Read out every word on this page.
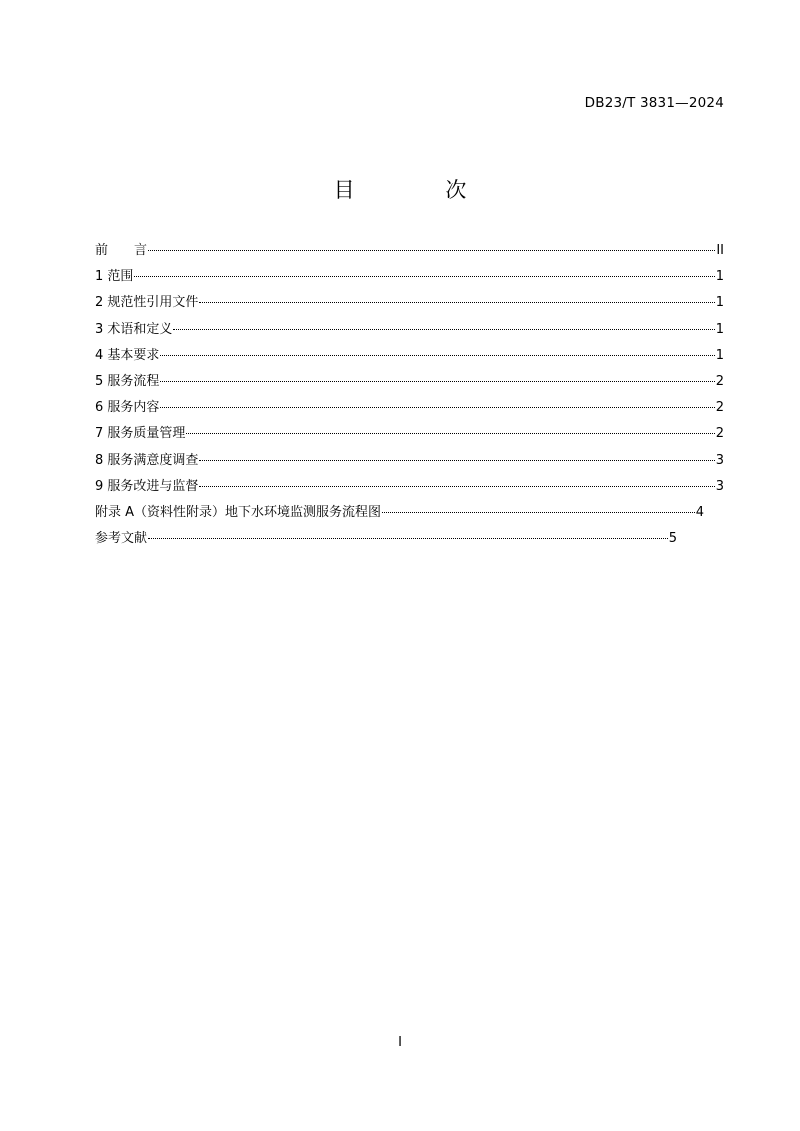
DB23/T 3831—2024
目 次
前　　言	II
1 范围	1
2 规范性引用文件	1
3 术语和定义	1
4 基本要求	1
5 服务流程	2
6 服务内容	2
7 服务质量管理	2
8 服务满意度调查	3
9 服务改进与监督	3
附录 A（资料性附录）地下水环境监测服务流程图	4
参考文献	5
I
